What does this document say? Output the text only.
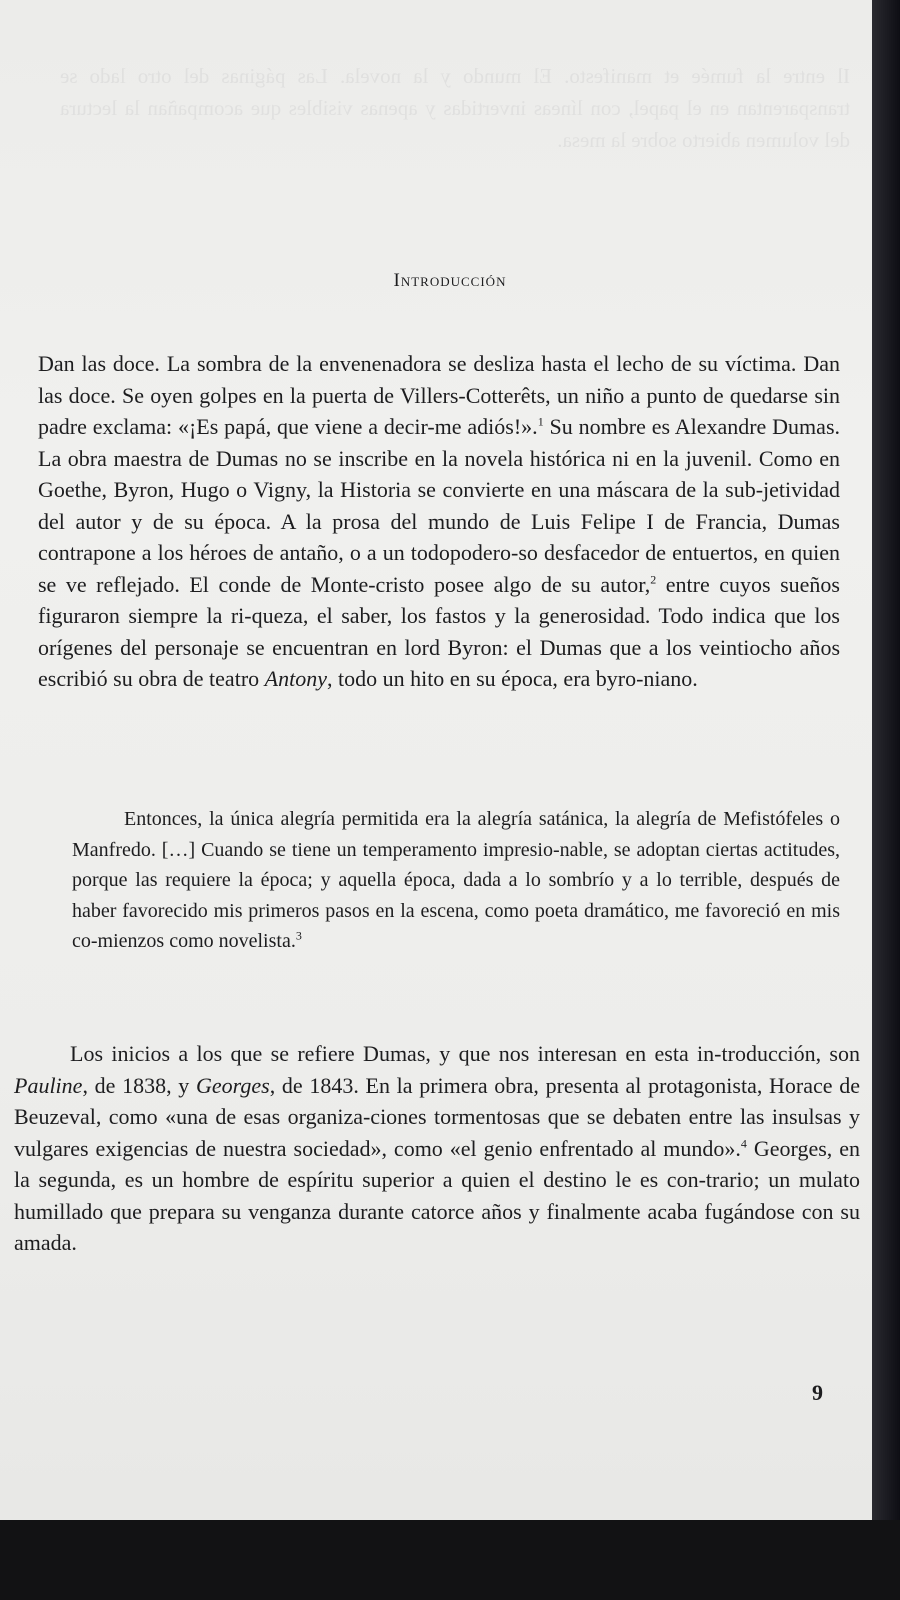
Il entre la fumée et manifesto. El mundo y la novela. Las páginas del otro lado se transparentan en el papel, con líneas invertidas y apenas visibles que acompañan la lectura del volumen abierto sobre la mesa.
Introducción
Dan las doce. La sombra de la envenenadora se desliza hasta el lecho de su víctima. Dan las doce. Se oyen golpes en la puerta de Villers-Cotterêts, un niño a punto de quedarse sin padre exclama: «¡Es papá, que viene a decir-me adiós!».$^1$ Su nombre es Alexandre Dumas. La obra maestra de Dumas no se inscribe en la novela histórica ni en la juvenil. Como en Goethe, Byron, Hugo o Vigny, la Historia se convierte en una máscara de la sub-jetividad del autor y de su época. A la prosa del mundo de Luis Felipe I de Francia, Dumas contrapone a los héroes de antaño, o a un todopodero-so desfacedor de entuertos, en quien se ve reflejado. El conde de Monte-cristo posee algo de su autor,$^2$ entre cuyos sueños figuraron siempre la ri-queza, el saber, los fastos y la generosidad. Todo indica que los orígenes del personaje se encuentran en lord Byron: el Dumas que a los veintiocho años escribió su obra de teatro Antony, todo un hito en su época, era byro-niano.
Entonces, la única alegría permitida era la alegría satánica, la alegría de Mefistófeles o Manfredo. […] Cuando se tiene un temperamento impresio-nable, se adoptan ciertas actitudes, porque las requiere la época; y aquella época, dada a lo sombrío y a lo terrible, después de haber favorecido mis primeros pasos en la escena, como poeta dramático, me favoreció en mis co-mienzos como novelista.$^3$
Los inicios a los que se refiere Dumas, y que nos interesan en esta in-troducción, son Pauline, de 1838, y Georges, de 1843. En la primera obra, presenta al protagonista, Horace de Beuzeval, como «una de esas organiza-ciones tormentosas que se debaten entre las insulsas y vulgares exigencias de nuestra sociedad», como «el genio enfrentado al mundo».$^4$ Georges, en la segunda, es un hombre de espíritu superior a quien el destino le es con-trario; un mulato humillado que prepara su venganza durante catorce años y finalmente acaba fugándose con su amada.
9
